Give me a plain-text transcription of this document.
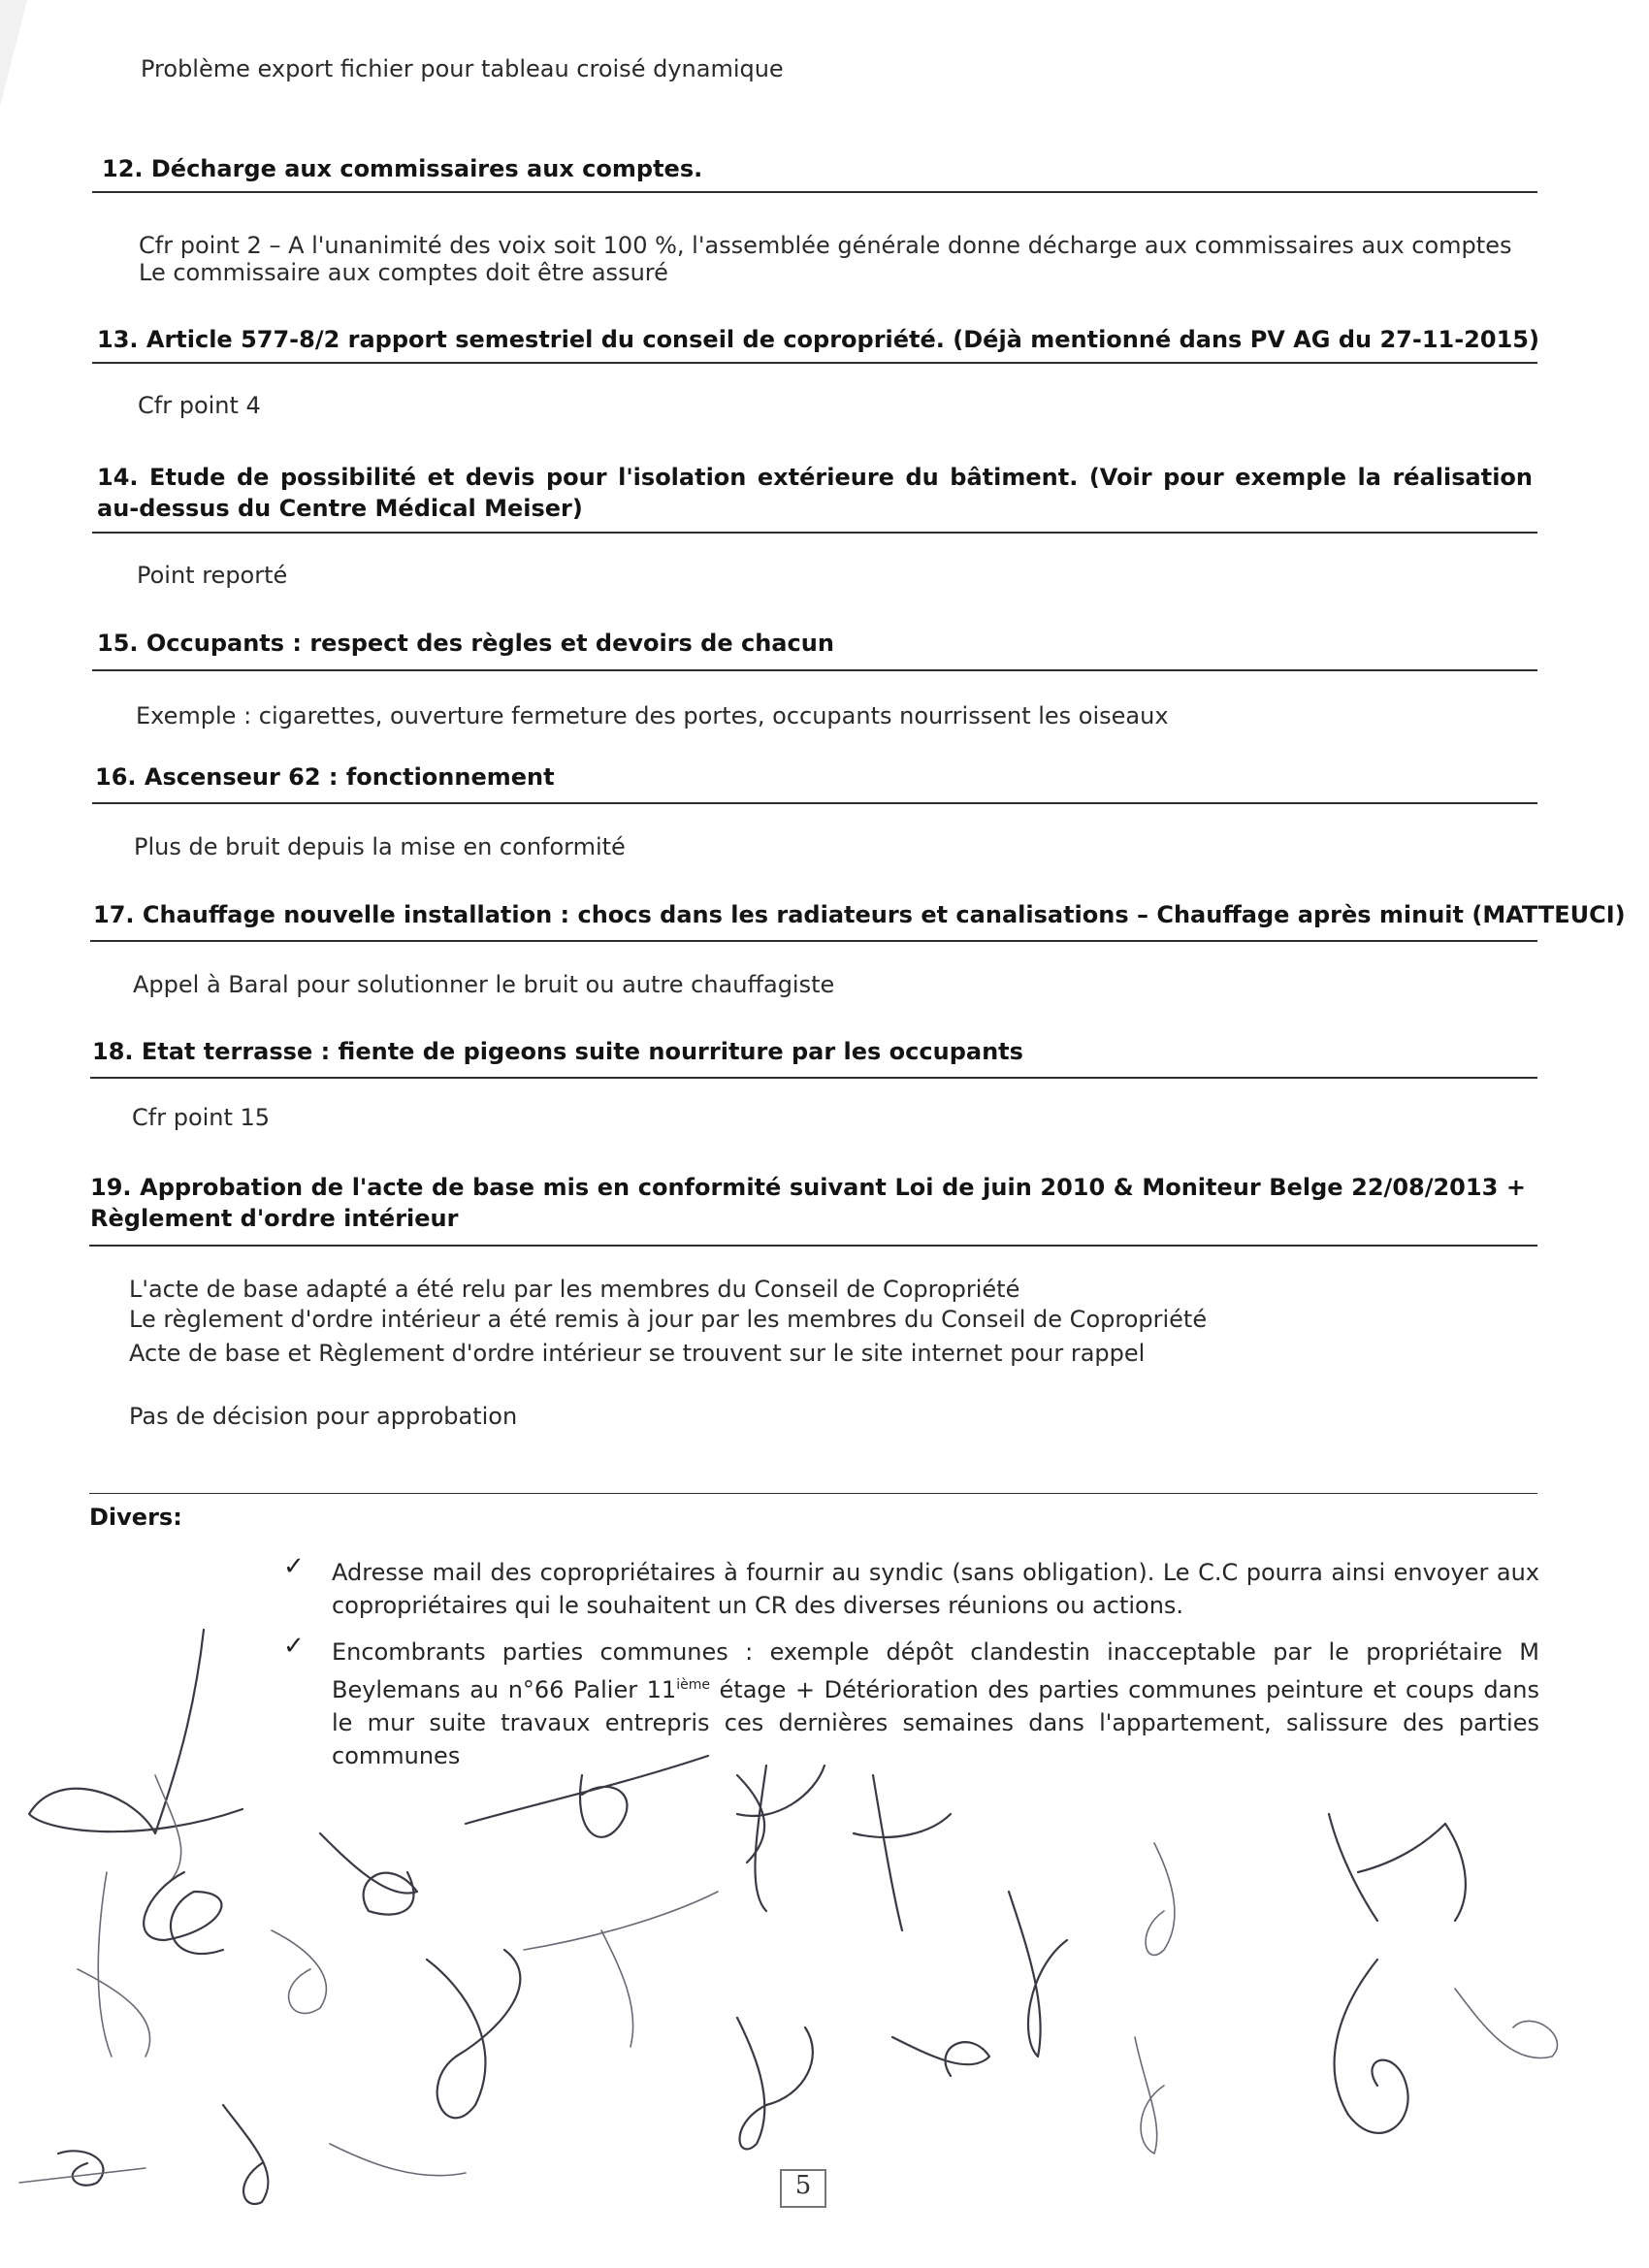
Problème export fichier pour tableau croisé dynamique
12. Décharge aux commissaires aux comptes.
Cfr point 2 – A l'unanimité des voix soit 100 %, l'assemblée générale donne décharge aux commissaires aux comptes
Le commissaire aux comptes doit être assuré
13. Article 577-8/2 rapport semestriel du conseil de copropriété. (Déjà mentionné dans PV AG du 27-11-2015)
Cfr point 4
14. Etude de possibilité et devis pour l'isolation extérieure du bâtiment. (Voir pour exemple la réalisation au-dessus du Centre Médical Meiser)
Point reporté
15. Occupants : respect des règles et devoirs de chacun
Exemple : cigarettes, ouverture fermeture des portes, occupants nourrissent les oiseaux
16. Ascenseur 62 : fonctionnement
Plus de bruit depuis la mise en conformité
17. Chauffage nouvelle installation : chocs dans les radiateurs et canalisations – Chauffage après minuit (MATTEUCI)
Appel à Baral pour solutionner le bruit ou autre chauffagiste
18. Etat terrasse : fiente de pigeons suite nourriture par les occupants
Cfr point 15
19. Approbation de l'acte de base mis en conformité suivant Loi de juin 2010 & Moniteur Belge 22/08/2013 + Règlement d'ordre intérieur
L'acte de base adapté a été relu par les membres du Conseil de Copropriété
Le règlement d'ordre intérieur a été remis à jour par les membres du Conseil de Copropriété
Acte de base et Règlement d'ordre intérieur se trouvent sur le site internet pour rappel
Pas de décision pour approbation
Divers:
✓ Adresse mail des copropriétaires à fournir au syndic (sans obligation). Le C.C pourra ainsi envoyer aux copropriétaires qui le souhaitent un CR des diverses réunions ou actions.
✓ Encombrants parties communes : exemple dépôt clandestin inacceptable par le propriétaire M Beylemans au n°66 Palier 11ième étage + Détérioration des parties communes peinture et coups dans le mur suite travaux entrepris ces dernières semaines dans l'appartement, salissure des parties communes
5
